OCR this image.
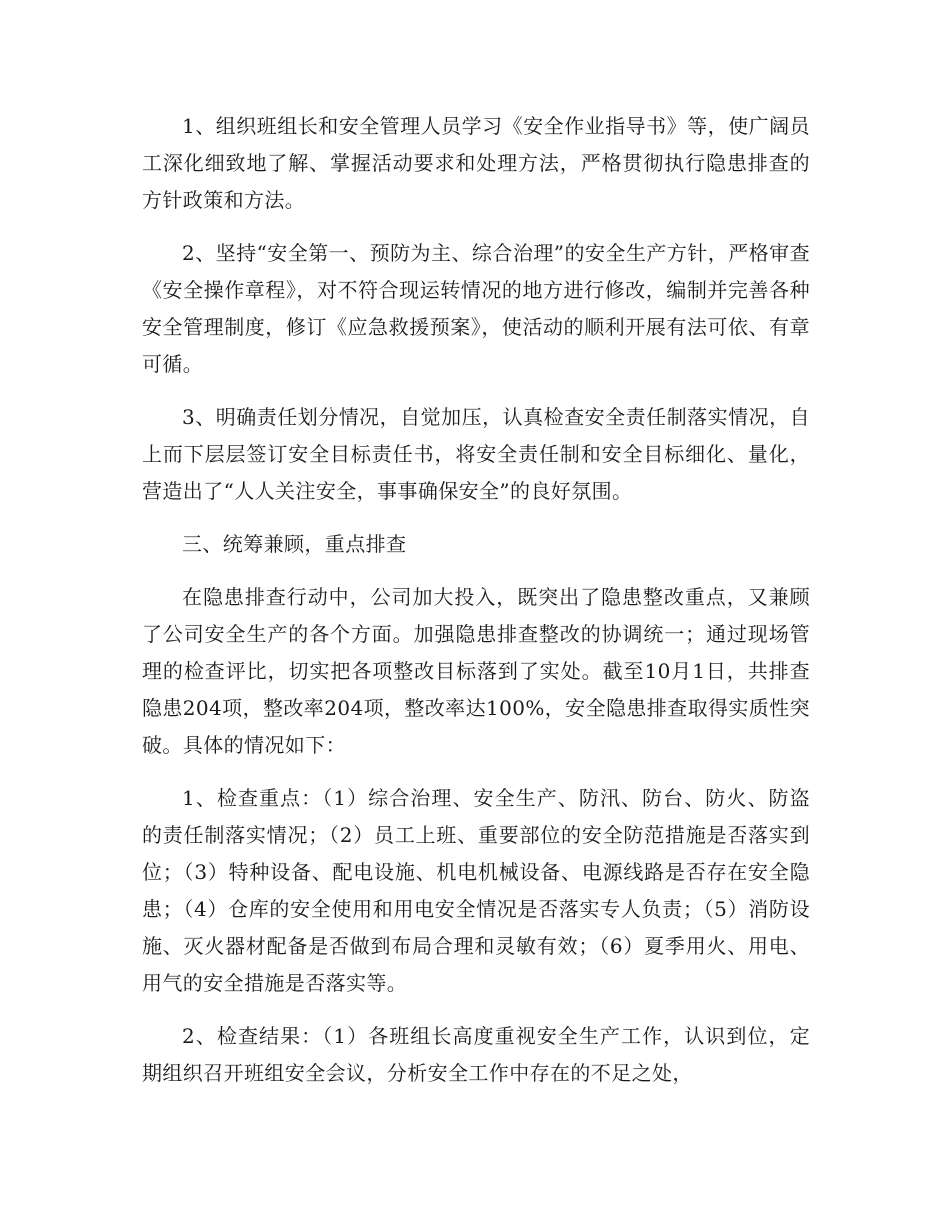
1、组织班组长和安全管理人员学习《安全作业指导书》等，使广阔员工深化细致地了解、掌握活动要求和处理方法，严格贯彻执行隐患排查的方针政策和方法。

2、坚持“安全第一、预防为主、综合治理”的安全生产方针，严格审查《安全操作章程》，对不符合现运转情况的地方进行修改，编制并完善各种安全管理制度，修订《应急救援预案》，使活动的顺利开展有法可依、有章可循。

3、明确责任划分情况，自觉加压，认真检查安全责任制落实情况，自上而下层层签订安全目标责任书，将安全责任制和安全目标细化、量化，营造出了“人人关注安全，事事确保安全”的良好氛围。

三、统筹兼顾，重点排查

在隐患排查行动中，公司加大投入，既突出了隐患整改重点，又兼顾了公司安全生产的各个方面。加强隐患排查整改的协调统一；通过现场管理的检查评比，切实把各项整改目标落到了实处。截至10月1日，共排查隐患204项，整改率204项，整改率达100%，安全隐患排查取得实质性突破。具体的情况如下：

1、检查重点：（1）综合治理、安全生产、防汛、防台、防火、防盗的责任制落实情况；（2）员工上班、重要部位的安全防范措施是否落实到位；（3）特种设备、配电设施、机电机械设备、电源线路是否存在安全隐患；（4）仓库的安全使用和用电安全情况是否落实专人负责；（5）消防设施、灭火器材配备是否做到布局合理和灵敏有效；（6）夏季用火、用电、用气的安全措施是否落实等。

2、检查结果：（1）各班组长高度重视安全生产工作，认识到位，定期组织召开班组安全会议，分析安全工作中存在的不足之处，
